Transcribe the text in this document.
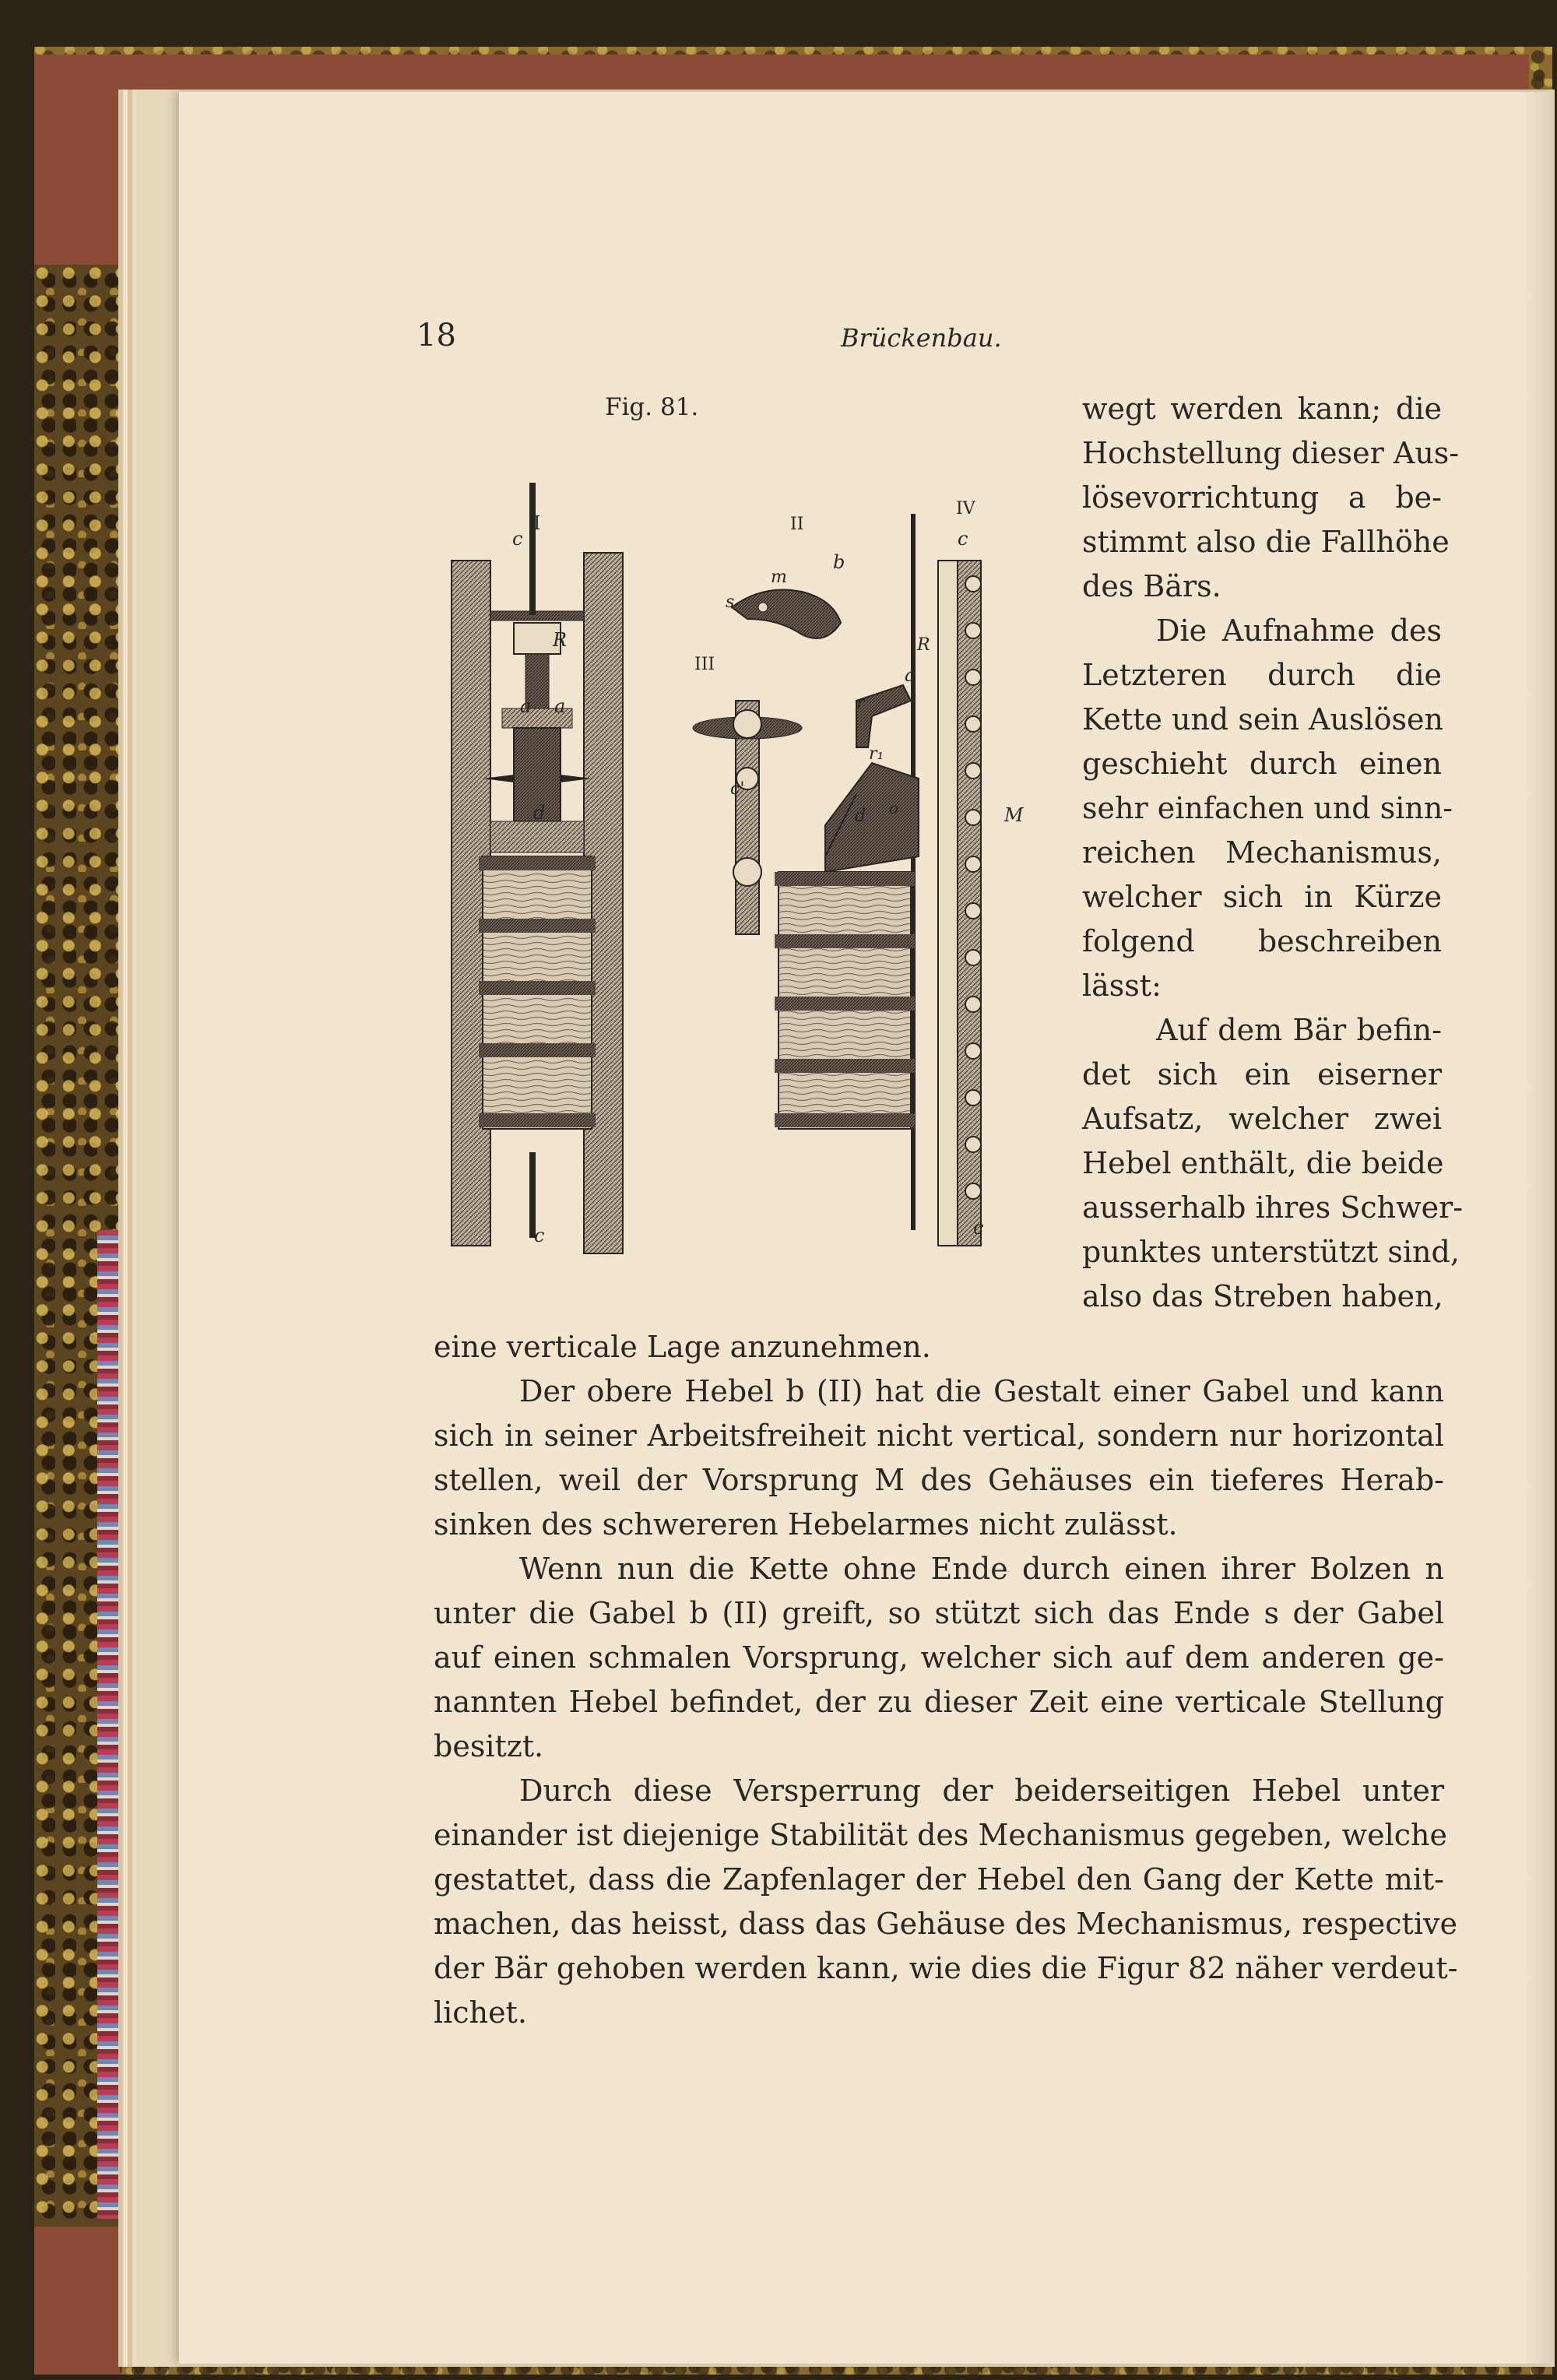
18	Brückenbau.
Fig. 81.
I	II
III
IV
c
R
a a
d
c
b
m
s
c'
c
R
a
r
r₁
d o	M
c
wegt werden kann; die
Hochstellung dieser Aus-
lösevorrichtung a be-
stimmt also die Fallhöhe
des Bärs.
Die Aufnahme des
Letzteren durch die
Kette und sein Auslösen
geschieht durch einen
sehr einfachen und sinn-
reichen Mechanismus,
welcher sich in Kürze
folgend beschreiben
lässt:
Auf dem Bär befin-
det sich ein eiserner
Aufsatz, welcher zwei
Hebel enthält, die beide
ausserhalb ihres Schwer-
punktes unterstützt sind,
also das Streben haben,
eine verticale Lage anzunehmen.
Der obere Hebel b (II) hat die Gestalt einer Gabel und kann
sich in seiner Arbeitsfreiheit nicht vertical, sondern nur horizontal
stellen, weil der Vorsprung M des Gehäuses ein tieferes Herab-
sinken des schwereren Hebelarmes nicht zulässt.
Wenn nun die Kette ohne Ende durch einen ihrer Bolzen n
unter die Gabel b (II) greift, so stützt sich das Ende s der Gabel
auf einen schmalen Vorsprung, welcher sich auf dem anderen ge-
nannten Hebel befindet, der zu dieser Zeit eine verticale Stellung
besitzt.
Durch diese Versperrung der beiderseitigen Hebel unter
einander ist diejenige Stabilität des Mechanismus gegeben, welche
gestattet, dass die Zapfenlager der Hebel den Gang der Kette mit-
machen, das heisst, dass das Gehäuse des Mechanismus, respective
der Bär gehoben werden kann, wie dies die Figur 82 näher verdeut-
lichet.
